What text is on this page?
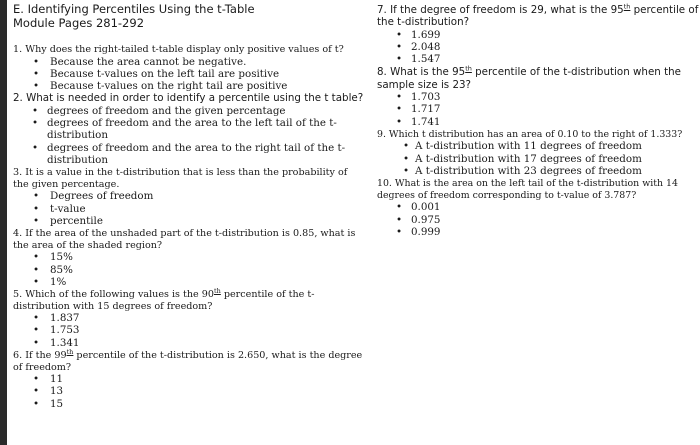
E. Identifying Percentiles Using the t-Table
Module Pages 281-292
1. Why does the right-tailed t-table display only positive values of t?
• Because the area cannot be negative.
• Because t-values on the left tail are positive
• Because t-values on the right tail are positive
2. What is needed in order to identify a percentile using the t table?
• degrees of freedom and the given percentage
• degrees of freedom and the area to the left tail of the t-distribution
• degrees of freedom and the area to the right tail of the t-distribution
3. It is a value in the t-distribution that is less than the probability of the given percentage.
• Degrees of freedom
• t-value
• percentile
4. If the area of the unshaded part of the t-distribution is 0.85, what is the area of the shaded region?
• 15%
• 85%
• 1%
5. Which of the following values is the 90th percentile of the t-distribution with 15 degrees of freedom?
• 1.837
• 1.753
• 1.341
6. If the 99th percentile of the t-distribution is 2.650, what is the degree of freedom?
• 11
• 13
• 15
7. If the degree of freedom is 29, what is the 95th percentile of the t-distribution?
• 1.699
• 2.048
• 1.547
8. What is the 95th percentile of the t-distribution when the sample size is 23?
• 1.703
• 1.717
• 1.741
9. Which t distribution has an area of 0.10 to the right of 1.333?
• A t-distribution with 11 degrees of freedom
• A t-distribution with 17 degrees of freedom
• A t-distribution with 23 degrees of freedom
10. What is the area on the left tail of the t-distribution with 14 degrees of freedom corresponding to t-value of 3.787?
• 0.001
• 0.975
• 0.999
